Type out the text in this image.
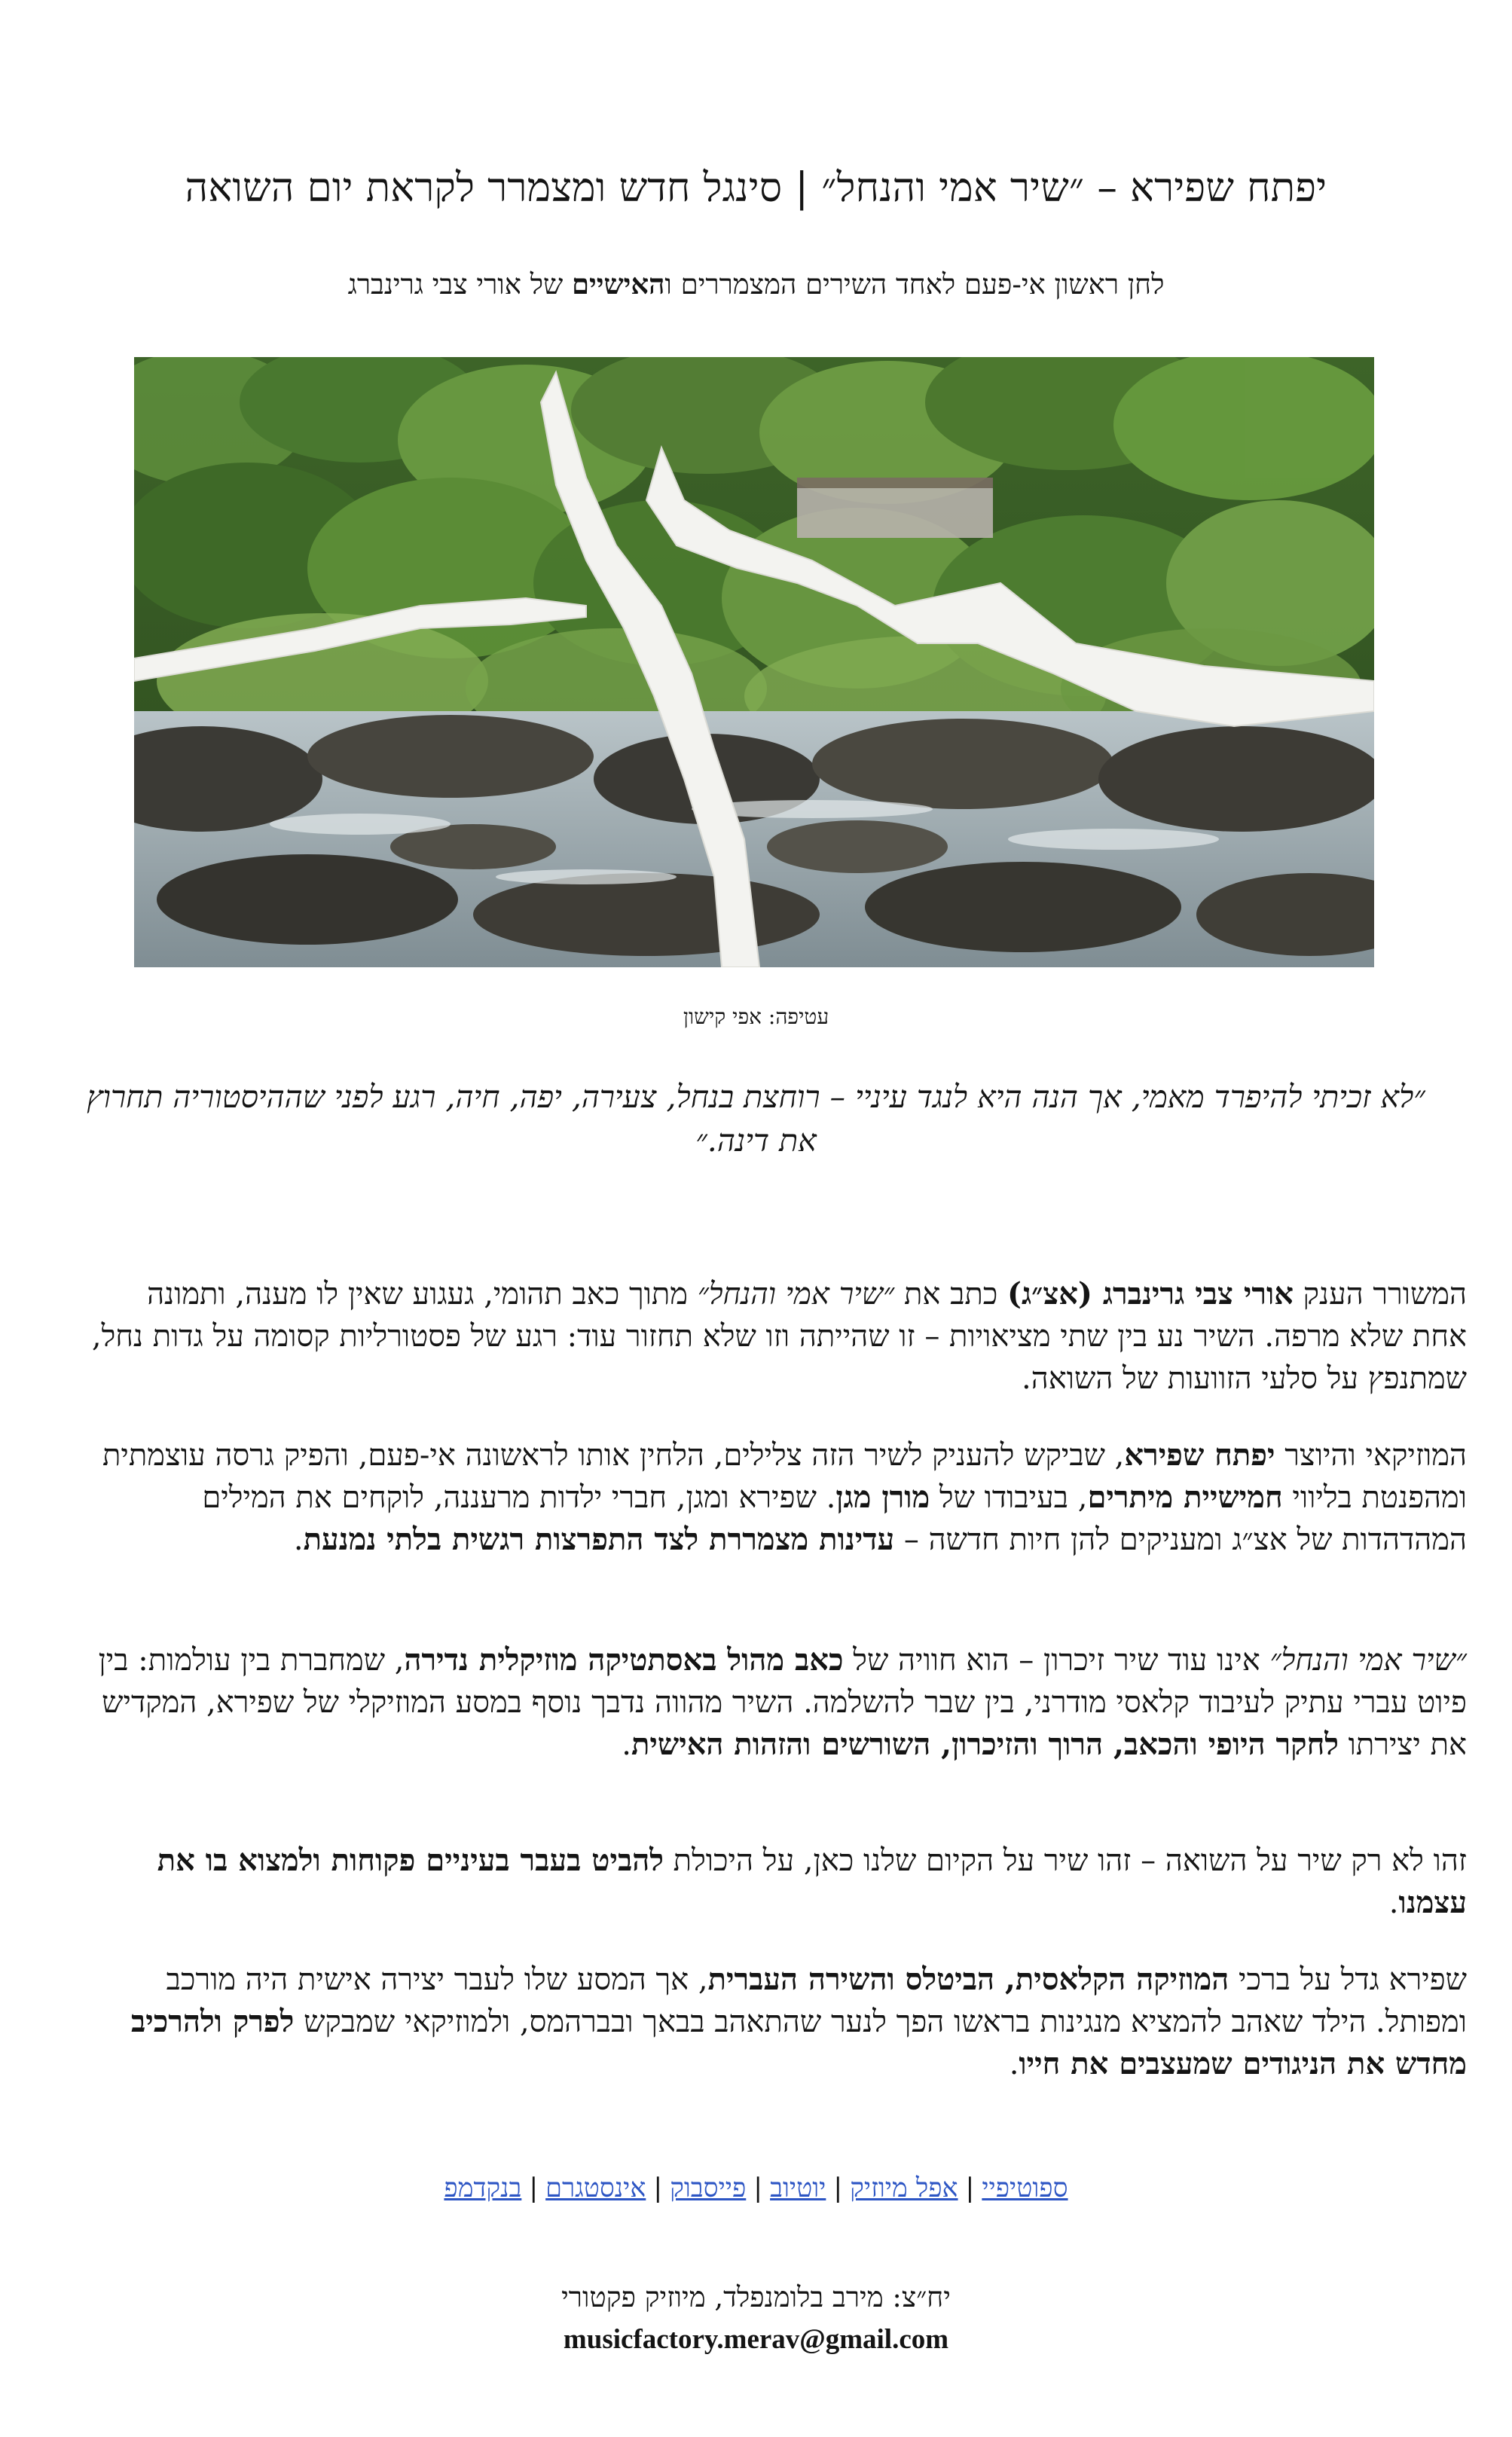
יפתח שפירא – ״שיר אמי והנחל״ | סינגל חדש ומצמרר לקראת יום השואה

לחן ראשון אי-פעם לאחד השירים המצמררים והאישיים של אורי צבי גרינברג

עטיפה: אפי קישון

״לא זכיתי להיפרד מאמי, אך הנה היא לנגד עיניי – רוחצת בנחל, צעירה, יפה, חיה, רגע לפני שההיסטוריה תחרוץ את דינה.״

המשורר הענק אורי צבי גרינברג (אצ״ג) כתב את ״שיר אמי והנחל״ מתוך כאב תהומי, געגוע שאין לו מענה, ותמונה אחת שלא מרפה. השיר נע בין שתי מציאויות – זו שהייתה וזו שלא תחזור עוד: רגע של פסטורליות קסומה על גדות נחל, שמתנפץ על סלעי הזוועות של השואה.

המוזיקאי והיוצר יפתח שפירא, שביקש להעניק לשיר הזה צלילים, הלחין אותו לראשונה אי-פעם, והפיק גרסה עוצמתית ומהפנטת בליווי חמישיית מיתרים, בעיבודו של מורן מגן. שפירא ומגן, חברי ילדות מרעננה, לוקחים את המילים המהדהדות של אצ״ג ומעניקים להן חיות חדשה – עדינות מצמררת לצד התפרצות רגשית בלתי נמנעת.

״שיר אמי והנחל״ אינו עוד שיר זיכרון – הוא חוויה של כאב מהול באסתטיקה מוזיקלית נדירה, שמחברת בין עולמות: בין פיוט עברי עתיק לעיבוד קלאסי מודרני, בין שבר להשלמה. השיר מהווה נדבך נוסף במסע המוזיקלי של שפירא, המקדיש את יצירתו לחקר היופי והכאב, הרוך והזיכרון, השורשים והזהות האישית.

זהו לא רק שיר על השואה – זהו שיר על הקיום שלנו כאן, על היכולת להביט בעבר בעיניים פקוחות ולמצוא בו את עצמנו.

שפירא גדל על ברכי המוזיקה הקלאסית, הביטלס והשירה העברית, אך המסע שלו לעבר יצירה אישית היה מורכב ומפותל. הילד שאהב להמציא מנגינות בראשו הפך לנער שהתאהב בבאך ובברהמס, ולמוזיקאי שמבקש לפרק ולהרכיב מחדש את הניגודים שמעצבים את חייו.

ספוטיפיי|אפל מיוזיק|יוטיוב|פייסבוק|אינסטגרם|בנקדמפ

יח״צ: מירב בלומנפלד, מיוזיק פקטורי
musicfactory.merav@gmail.com
